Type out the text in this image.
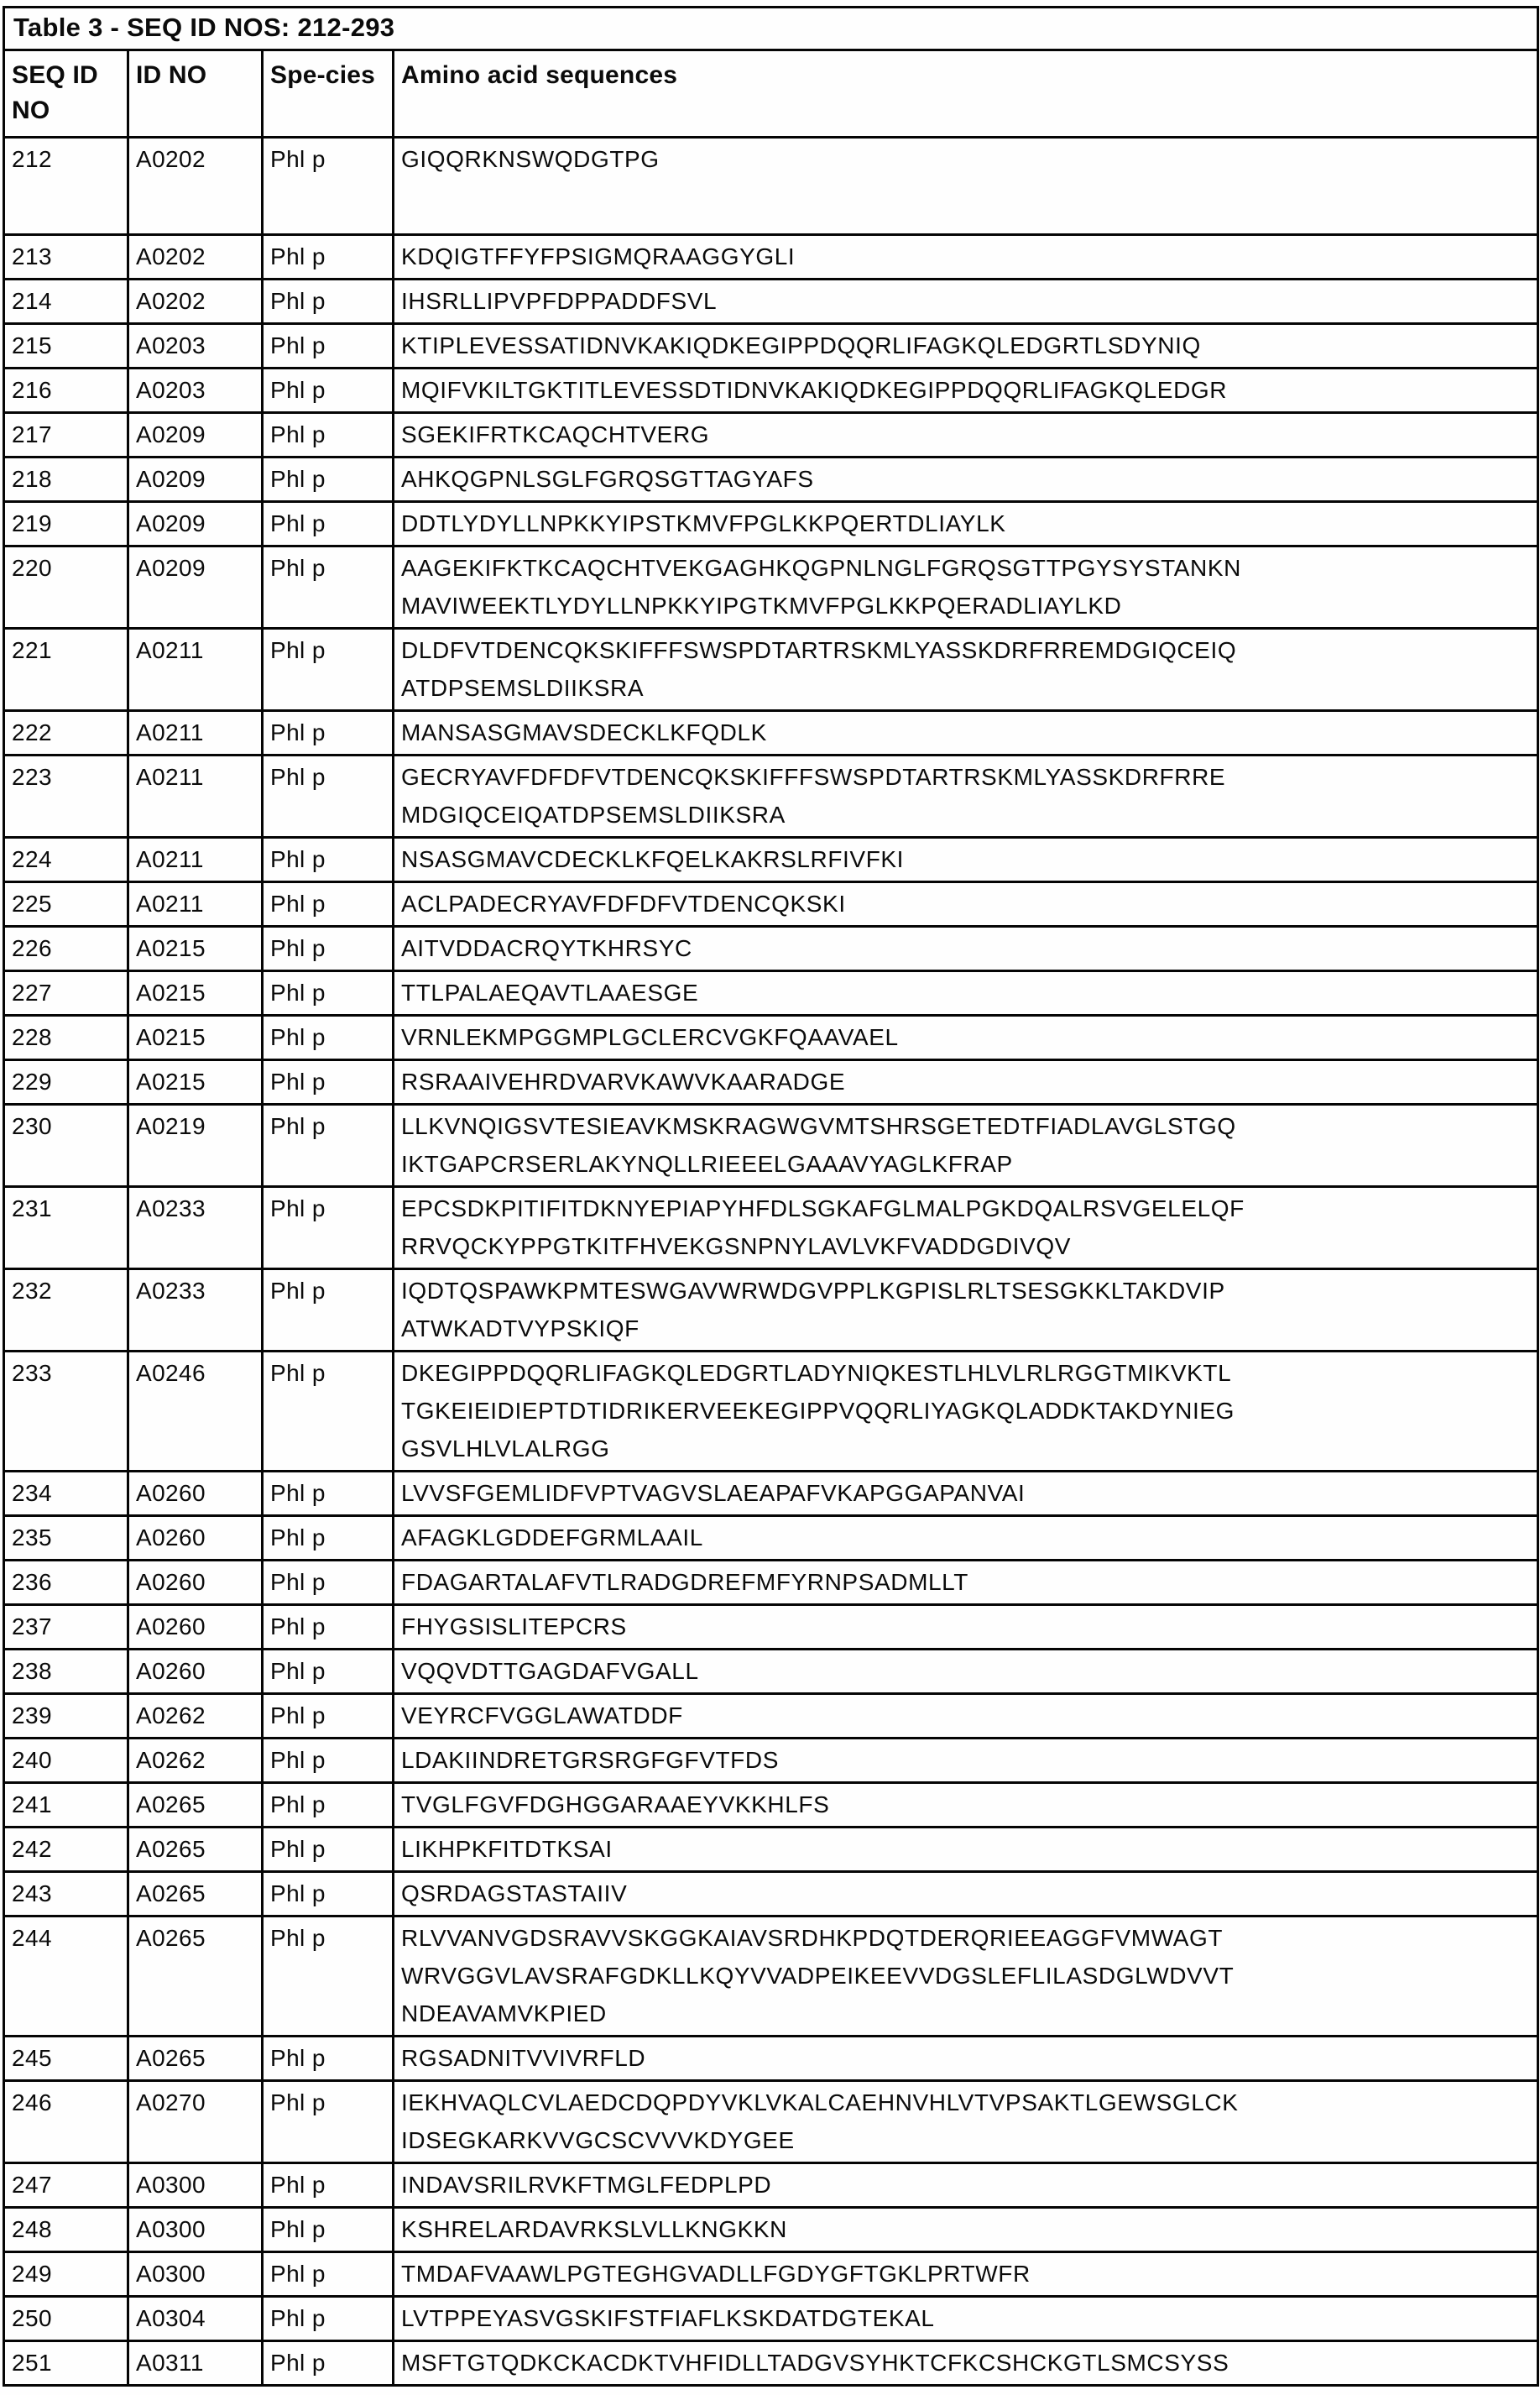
Table 3 - SEQ ID NOS: 212-293			
SEQ ID NO	ID NO	Spe-cies	Amino acid sequences
212	A0202	Phl p	GIQQRKNSWQDGTPG
213	A0202	Phl p	KDQIGTFFYFPSIGMQRAAGGYGLI
214	A0202	Phl p	IHSRLLIPVPFDPPADDFSVL
215	A0203	Phl p	KTIPLEVESSATIDNVKAKIQDKEGIPPDQQRLIFAGKQLEDGRTLSDYNIQ
216	A0203	Phl p	MQIFVKILTGKTITLEVESSDTIDNVKAKIQDKEGIPPDQQRLIFAGKQLEDGR
217	A0209	Phl p	SGEKIFRTKCAQCHTVERG
218	A0209	Phl p	AHKQGPNLSGLFGRQSGTTAGYAFS
219	A0209	Phl p	DDTLYDYLLNPKKYIPSTKMVFPGLKKPQERTDLIAYLK
220	A0209	Phl p	AAGEKIFKTKCAQCHTVEKGAGHKQGPNLNGLFGRQSGTTPGYSYSTANKN
MAVIWEEKTLYDYLLNPKKYIPGTKMVFPGLKKPQERADLIAYLKD
221	A0211	Phl p	DLDFVTDENCQKSKIFFFSWSPDTARTRSKMLYASSKDRFRREMDGIQCEIQ
ATDPSEMSLDIIKSRA
222	A0211	Phl p	MANSASGMAVSDECKLKFQDLK
223	A0211	Phl p	GECRYAVFDFDFVTDENCQKSKIFFFSWSPDTARTRSKMLYASSKDRFRRE
MDGIQCEIQATDPSEMSLDIIKSRA
224	A0211	Phl p	NSASGMAVCDECKLKFQELKAKRSLRFIVFKI
225	A0211	Phl p	ACLPADECRYAVFDFDFVTDENCQKSKI
226	A0215	Phl p	AITVDDACRQYTKHRSYC
227	A0215	Phl p	TTLPALAEQAVTLAAESGE
228	A0215	Phl p	VRNLEKMPGGMPLGCLERCVGKFQAAVAEL
229	A0215	Phl p	RSRAAIVEHRDVARVKAWVKAARADGE
230	A0219	Phl p	LLKVNQIGSVTESIEAVKMSKRAGWGVMTSHRSGETEDTFIADLAVGLSTGQ
IKTGAPCRSERLAKYNQLLRIEEELGAAAVYAGLKFRAP
231	A0233	Phl p	EPCSDKPITIFITDKNYEPIAPYHFDLSGKAFGLMALPGKDQALRSVGELELQF
RRVQCKYPPGTKITFHVEKGSNPNYLAVLVKFVADDGDIVQV
232	A0233	Phl p	IQDTQSPAWKPMTESWGAVWRWDGVPPLKGPISLRLTSESGKKLTAKDVIP
ATWKADTVYPSKIQF
233	A0246	Phl p	DKEGIPPDQQRLIFAGKQLEDGRTLADYNIQKESTLHLVLRLRGGTMIKVKTL
TGKEIEIDIEPTDTIDRIKERVEEKEGIPPVQQRLIYAGKQLADDKTAKDYNIEG
GSVLHLVLALRGG
234	A0260	Phl p	LVVSFGEMLIDFVPTVAGVSLAEAPAFVKAPGGAPANVAI
235	A0260	Phl p	AFAGKLGDDEFGRMLAAIL
236	A0260	Phl p	FDAGARTALAFVTLRADGDREFMFYRNPSADMLLT
237	A0260	Phl p	FHYGSISLITEPCRS
238	A0260	Phl p	VQQVDTTGAGDAFVGALL
239	A0262	Phl p	VEYRCFVGGLAWATDDF
240	A0262	Phl p	LDAKIINDRETGRSRGFGFVTFDS
241	A0265	Phl p	TVGLFGVFDGHGGARAAEYVKKHLFS
242	A0265	Phl p	LIKHPKFITDTKSAI
243	A0265	Phl p	QSRDAGSTASTAIIV
244	A0265	Phl p	RLVVANVGDSRAVVSKGGKAIAVSRDHKPDQTDERQRIEEAGGFVMWAGT
WRVGGVLAVSRAFGDKLLKQYVVADPEIKEEVVDGSLEFLILASDGLWDVVT
NDEAVAMVKPIED
245	A0265	Phl p	RGSADNITVVIVRFLD
246	A0270	Phl p	IEKHVAQLCVLAEDCDQPDYVKLVKALCAEHNVHLVTVPSAKTLGEWSGLCK
IDSEGKARKVVGCSCVVVKDYGEE
247	A0300	Phl p	INDAVSRILRVKFTMGLFEDPLPD
248	A0300	Phl p	KSHRELARDAVRKSLVLLKNGKKN
249	A0300	Phl p	TMDAFVAAWLPGTEGHGVADLLFGDYGFTGKLPRTWFR
250	A0304	Phl p	LVTPPEYASVGSKIFSTFIAFLKSKDATDGTEKAL
251	A0311	Phl p	MSFTGTQDKCKACDKTVHFIDLLTADGVSYHKTCFKCSHCKGTLSMCSYSS
